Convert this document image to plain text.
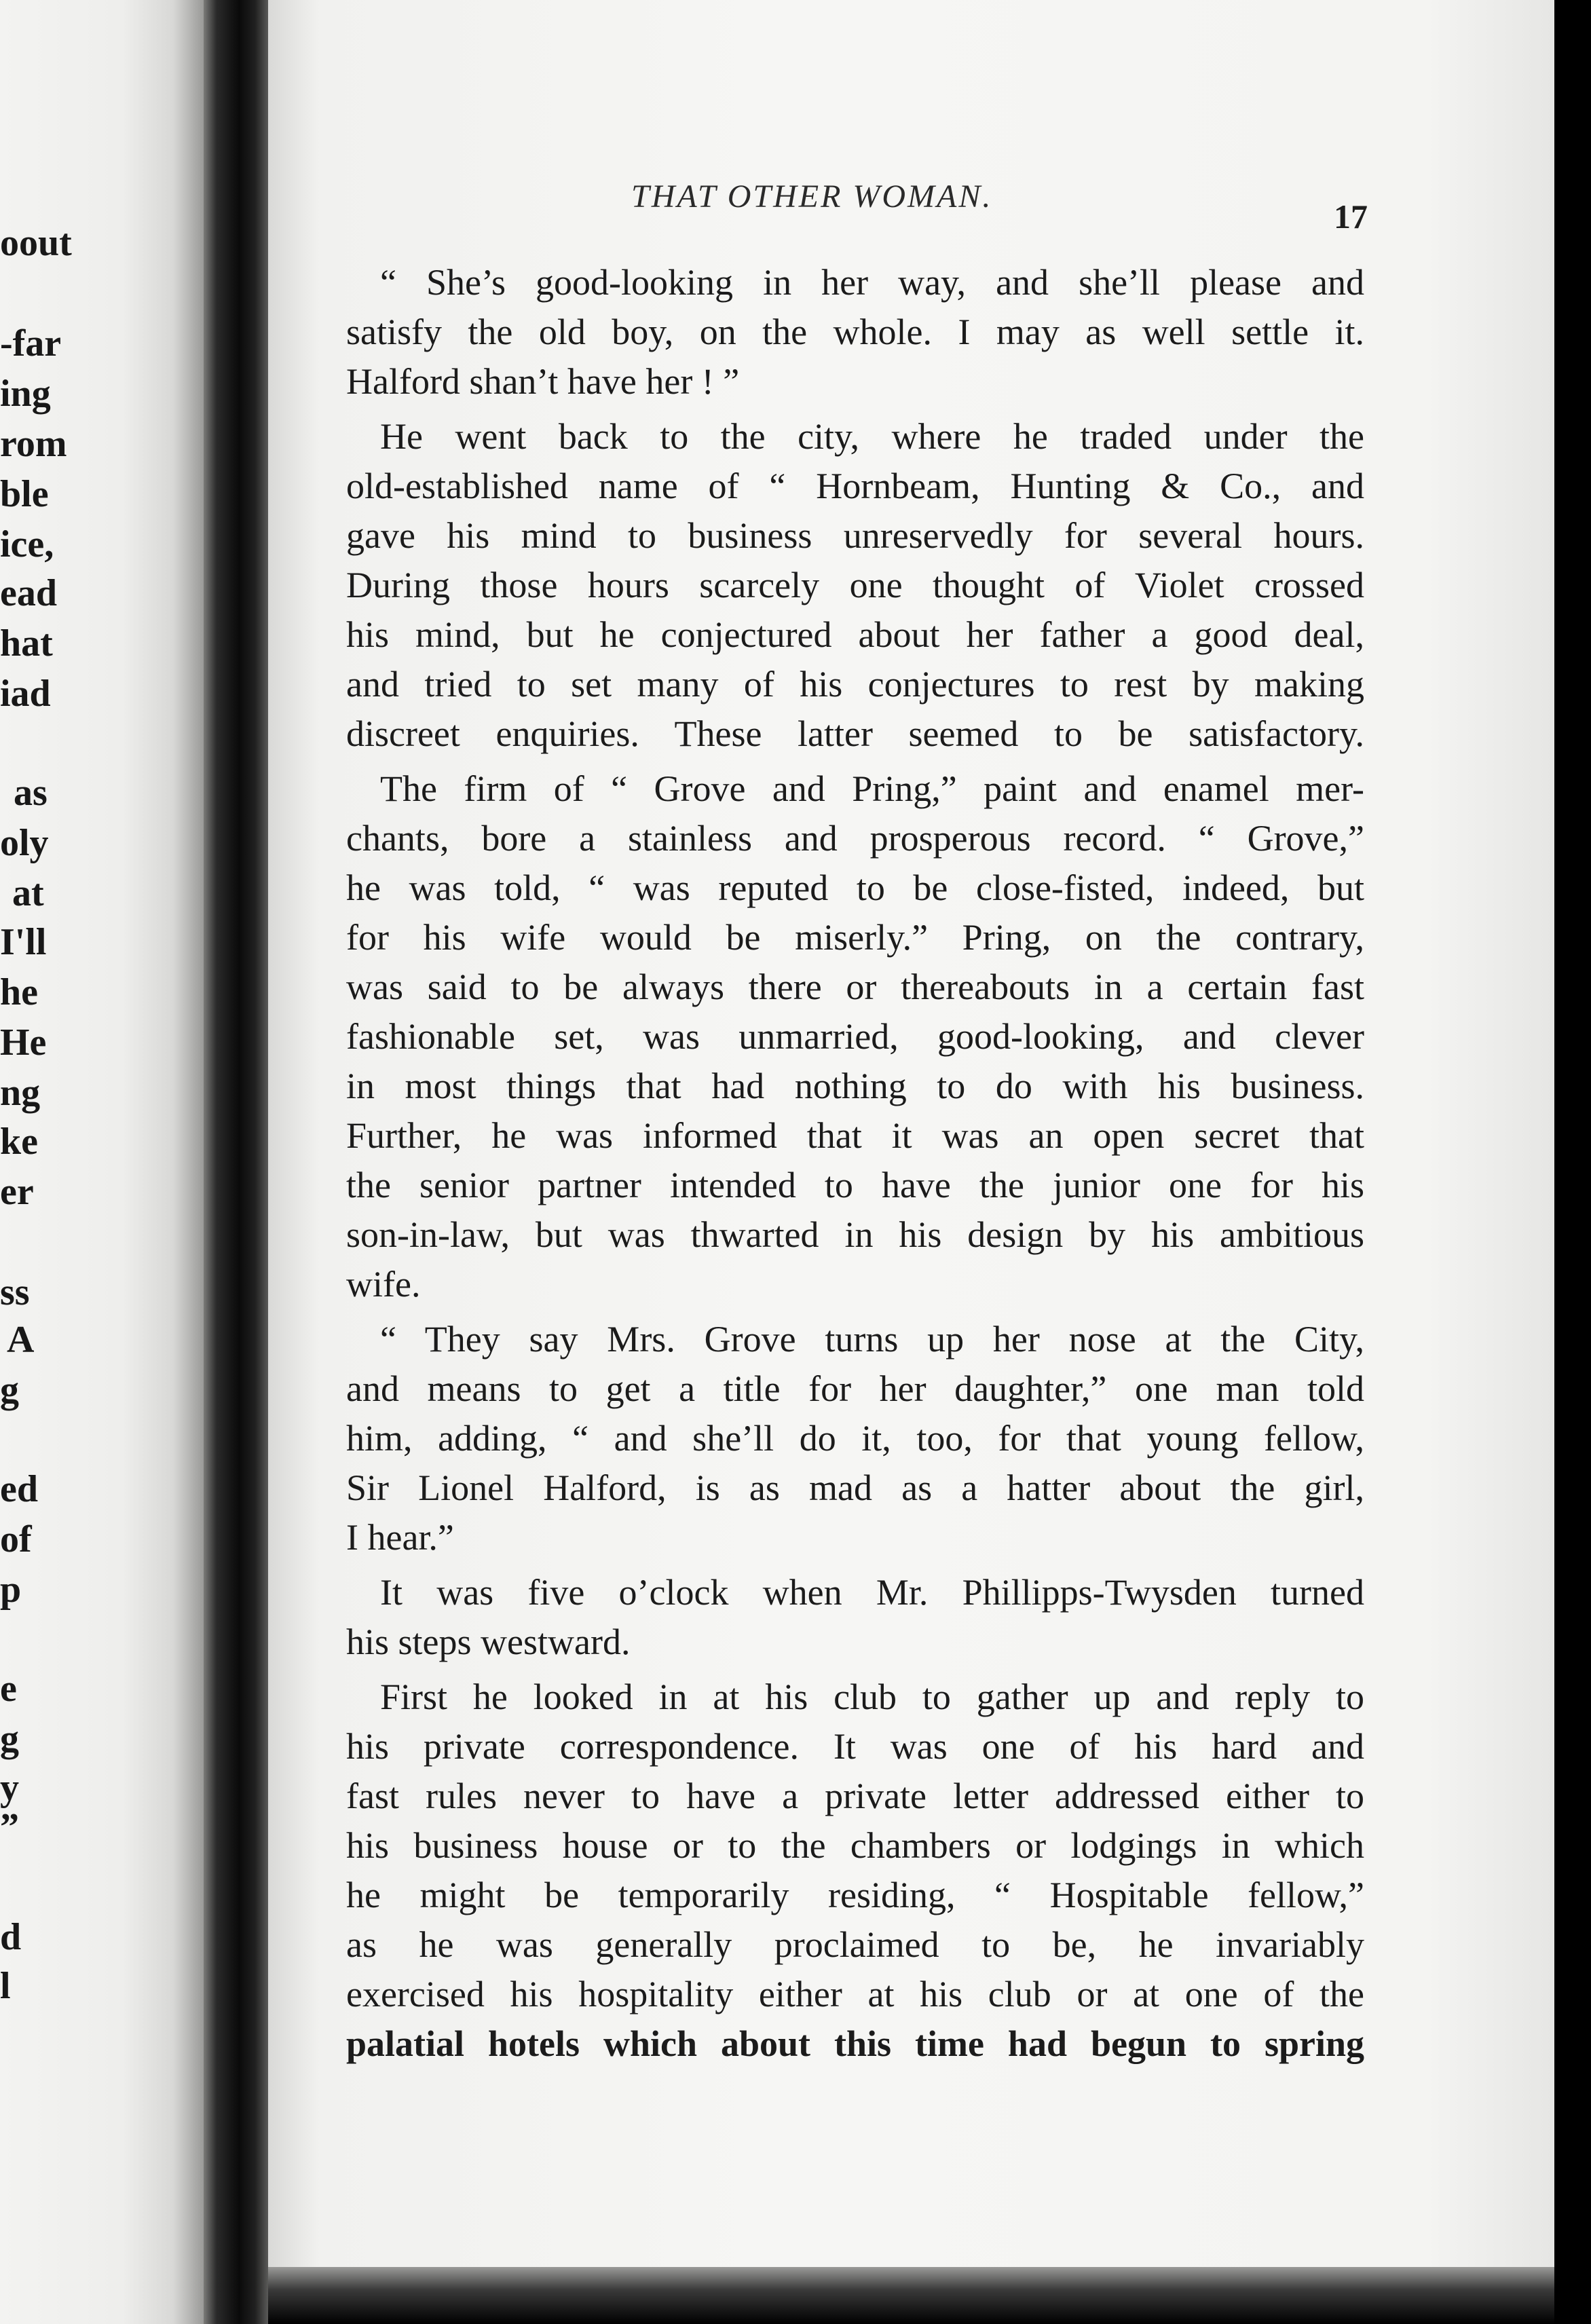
oout
-far
ing
rom
ble
ice,
ead
hat
iad
as
oly
at
I'll
he
He
ng
ke
er
ss
A
g
ed
of
p
e
g
y
”
d
l
THAT OTHER WOMAN.
17
“ She’s good-looking in her way, and she’ll please and
satisfy the old boy, on the whole. I may as well settle it.
Halford shan’t have her ! ”
He went back to the city, where he traded under the
old-established name of “ Hornbeam, Hunting & Co., and
gave his mind to business unreservedly for several hours.
During those hours scarcely one thought of Violet crossed
his mind, but he conjectured about her father a good deal,
and tried to set many of his conjectures to rest by making
discreet enquiries. These latter seemed to be satisfactory.
The firm of “ Grove and Pring,” paint and enamel mer-
chants, bore a stainless and prosperous record. “ Grove,”
he was told, “ was reputed to be close-fisted, indeed, but
for his wife would be miserly.” Pring, on the contrary,
was said to be always there or thereabouts in a certain fast
fashionable set, was unmarried, good-looking, and clever
in most things that had nothing to do with his business.
Further, he was informed that it was an open secret that
the senior partner intended to have the junior one for his
son-in-law, but was thwarted in his design by his ambitious
wife.
“ They say Mrs. Grove turns up her nose at the City,
and means to get a title for her daughter,” one man told
him, adding, “ and she’ll do it, too, for that young fellow,
Sir Lionel Halford, is as mad as a hatter about the girl,
I hear.”
It was five o’clock when Mr. Phillipps-Twysden turned
his steps westward.
First he looked in at his club to gather up and reply to
his private correspondence. It was one of his hard and
fast rules never to have a private letter addressed either to
his business house or to the chambers or lodgings in which
he might be temporarily residing, “ Hospitable fellow,”
as he was generally proclaimed to be, he invariably
exercised his hospitality either at his club or at one of the
palatial hotels which about this time had begun to spring
